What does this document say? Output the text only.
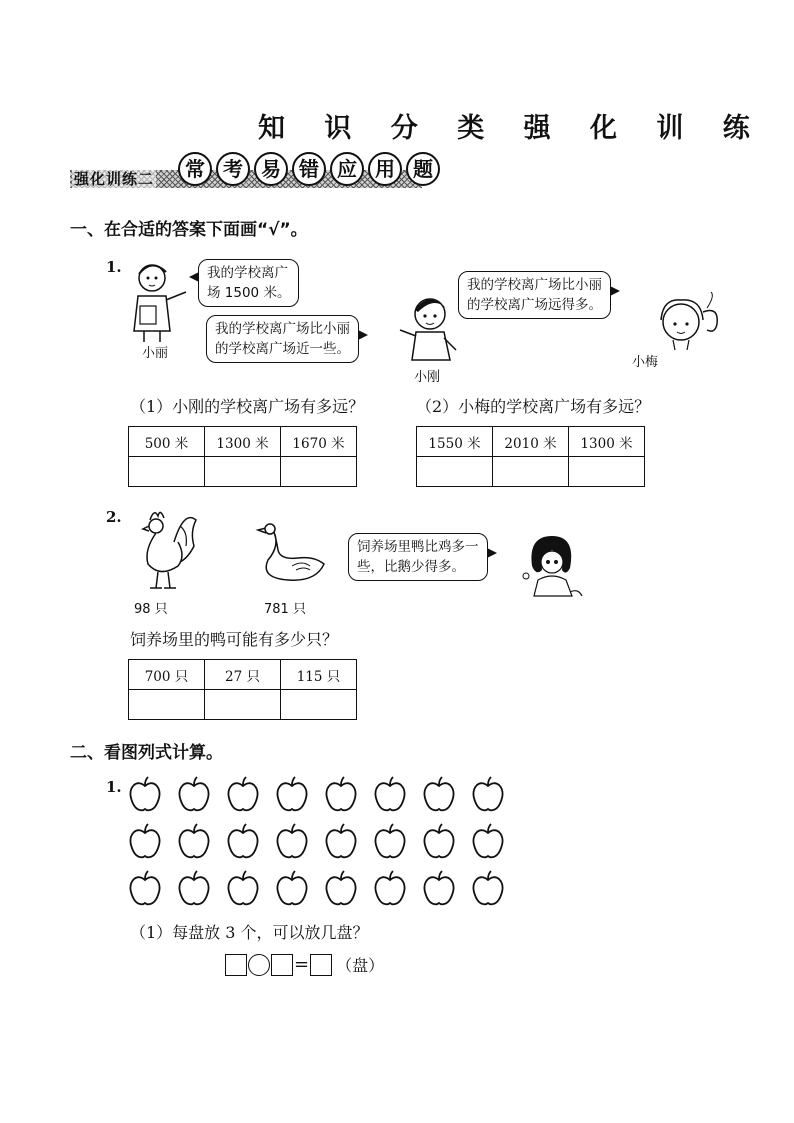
知 识 分 类 强 化 训 练
强化训练二	常 考 易 错 应 用 题
一、在合适的答案下面画“√”。
1.
小丽
我的学校离广
场 1500 米。
我的学校离广场比小丽
的学校离广场近一些。
小刚
我的学校离广场比小丽
的学校离广场远得多。
小梅
（1）小刚的学校离广场有多远？	（2）小梅的学校离广场有多远？
500 米	1300 米	1670 米
			1550 米	2010 米	1300 米

2.
98 只	781 只
饲养场里鸭比鸡多一
些，比鹅少得多。
饲养场里的鸭可能有多少只？
700 只	27 只	115 只

二、看图列式计算。
1.
（1）每盘放 3 个，可以放几盘？
= （盘）
